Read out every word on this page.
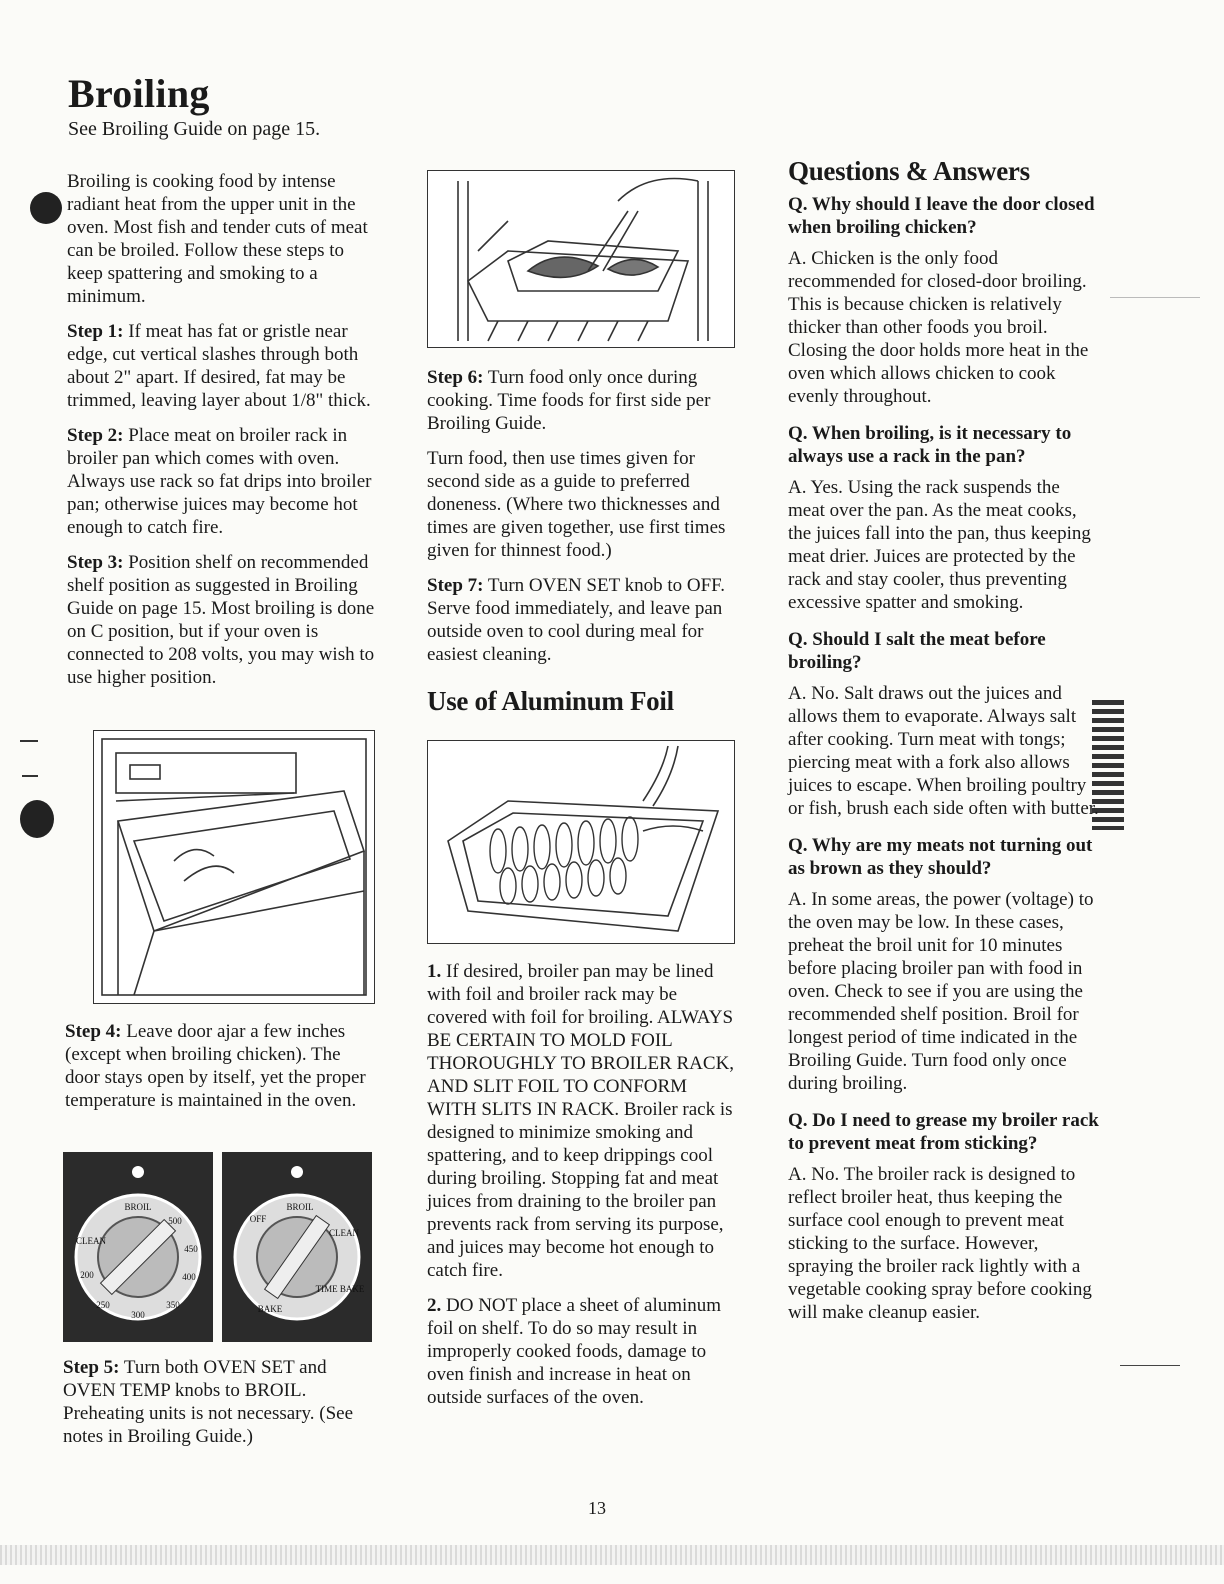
Broiling
See Broiling Guide on page 15.

Broiling is cooking food by intense radiant heat from the upper unit in the oven. Most fish and tender cuts of meat can be broiled. Follow these steps to keep spattering and smoking to a minimum.

Step 1: If meat has fat or gristle near edge, cut vertical slashes through both about 2" apart. If desired, fat may be trimmed, leaving layer about 1/8" thick.

Step 2: Place meat on broiler rack in broiler pan which comes with oven. Always use rack so fat drips into broiler pan; otherwise juices may become hot enough to catch fire.

Step 3: Position shelf on recommended shelf position as suggested in Broiling Guide on page 15. Most broiling is done on C position, but if your oven is connected to 208 volts, you may wish to use higher position.

Step 4: Leave door ajar a few inches (except when broiling chicken). The door stays open by itself, yet the proper temperature is maintained in the oven.

BROIL
500
450
400
350
300
250
200
CLEAN
OFF
BROIL
CLEAN
TIME BAKE
BAKE

Step 5: Turn both OVEN SET and OVEN TEMP knobs to BROIL. Preheating units is not necessary. (See notes in Broiling Guide.)

Step 6: Turn food only once during cooking. Time foods for first side per Broiling Guide.

Turn food, then use times given for second side as a guide to preferred doneness. (Where two thicknesses and times are given together, use first times given for thinnest food.)

Step 7: Turn OVEN SET knob to OFF. Serve food immediately, and leave pan outside oven to cool during meal for easiest cleaning.

Use of Aluminum Foil

1. If desired, broiler pan may be lined with foil and broiler rack may be covered with foil for broiling. ALWAYS BE CERTAIN TO MOLD FOIL THOROUGHLY TO BROILER RACK, AND SLIT FOIL TO CONFORM WITH SLITS IN RACK. Broiler rack is designed to minimize smoking and spattering, and to keep drippings cool during broiling. Stopping fat and meat juices from draining to the broiler pan prevents rack from serving its purpose, and juices may become hot enough to catch fire.

2. DO NOT place a sheet of aluminum foil on shelf. To do so may result in improperly cooked foods, damage to oven finish and increase in heat on outside surfaces of the oven.

Questions & Answers
Q. Why should I leave the door closed when broiling chicken?
A. Chicken is the only food recommended for closed-door broiling. This is because chicken is relatively thicker than other foods you broil. Closing the door holds more heat in the oven which allows chicken to cook evenly throughout.
Q. When broiling, is it necessary to always use a rack in the pan?
A. Yes. Using the rack suspends the meat over the pan. As the meat cooks, the juices fall into the pan, thus keeping meat drier. Juices are protected by the rack and stay cooler, thus preventing excessive spatter and smoking.
Q. Should I salt the meat before broiling?
A. No. Salt draws out the juices and allows them to evaporate. Always salt after cooking. Turn meat with tongs; piercing meat with a fork also allows juices to escape. When broiling poultry or fish, brush each side often with butter.
Q. Why are my meats not turning out as brown as they should?
A. In some areas, the power (voltage) to the oven may be low. In these cases, preheat the broil unit for 10 minutes before placing broiler pan with food in oven. Check to see if you are using the recommended shelf position. Broil for longest period of time indicated in the Broiling Guide. Turn food only once during broiling.
Q. Do I need to grease my broiler rack to prevent meat from sticking?
A. No. The broiler rack is designed to reflect broiler heat, thus keeping the surface cool enough to prevent meat sticking to the surface. However, spraying the broiler rack lightly with a vegetable cooking spray before cooking will make cleanup easier.
13
